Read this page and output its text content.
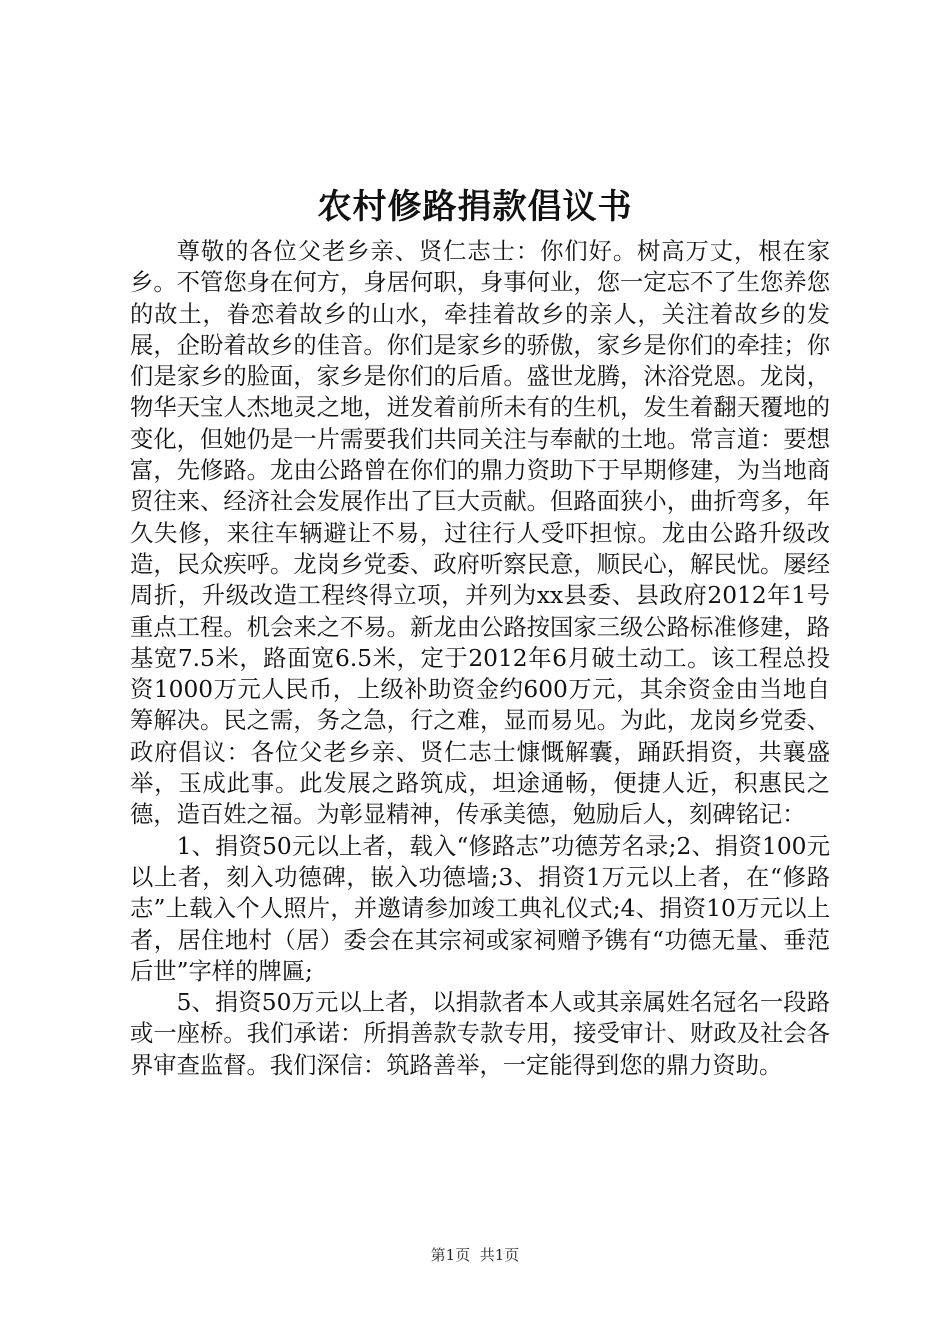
农村修路捐款倡议书

尊敬的各位父老乡亲、贤仁志士：你们好。树高万丈，根在家乡。不管您身在何方，身居何职，身事何业，您一定忘不了生您养您的故土，眷恋着故乡的山水，牵挂着故乡的亲人，关注着故乡的发展，企盼着故乡的佳音。你们是家乡的骄傲，家乡是你们的牵挂；你们是家乡的脸面，家乡是你们的后盾。盛世龙腾，沐浴党恩。龙岗，物华天宝人杰地灵之地，迸发着前所未有的生机，发生着翻天覆地的变化，但她仍是一片需要我们共同关注与奉献的土地。常言道：要想富，先修路。龙由公路曾在你们的鼎力资助下于早期修建，为当地商贸往来、经济社会发展作出了巨大贡献。但路面狭小，曲折弯多，年久失修，来往车辆避让不易，过往行人受吓担惊。龙由公路升级改造，民众疾呼。龙岗乡党委、政府听察民意，顺民心，解民忧。屡经周折，升级改造工程终得立项，并列为xx县委、县政府2012年1号重点工程。机会来之不易。新龙由公路按国家三级公路标准修建，路基宽7.5米，路面宽6.5米，定于2012年6月破土动工。该工程总投资1000万元人民币，上级补助资金约600万元，其余资金由当地自筹解决。民之需，务之急，行之难，显而易见。为此，龙岗乡党委、政府倡议：各位父老乡亲、贤仁志士慷慨解囊，踊跃捐资，共襄盛举，玉成此事。此发展之路筑成，坦途通畅，便捷人近，积惠民之德，造百姓之福。为彰显精神，传承美德，勉励后人，刻碑铭记：

1、捐资50元以上者，载入“修路志”功德芳名录;2、捐资100元以上者，刻入功德碑，嵌入功德墙;3、捐资1万元以上者，在“修路志”上载入个人照片，并邀请参加竣工典礼仪式;4、捐资10万元以上者，居住地村（居）委会在其宗祠或家祠赠予镌有“功德无量、垂范后世”字样的牌匾;

5、捐资50万元以上者，以捐款者本人或其亲属姓名冠名一段路或一座桥。我们承诺：所捐善款专款专用，接受审计、财政及社会各界审查监督。我们深信：筑路善举，一定能得到您的鼎力资助。

第1页 共1页
